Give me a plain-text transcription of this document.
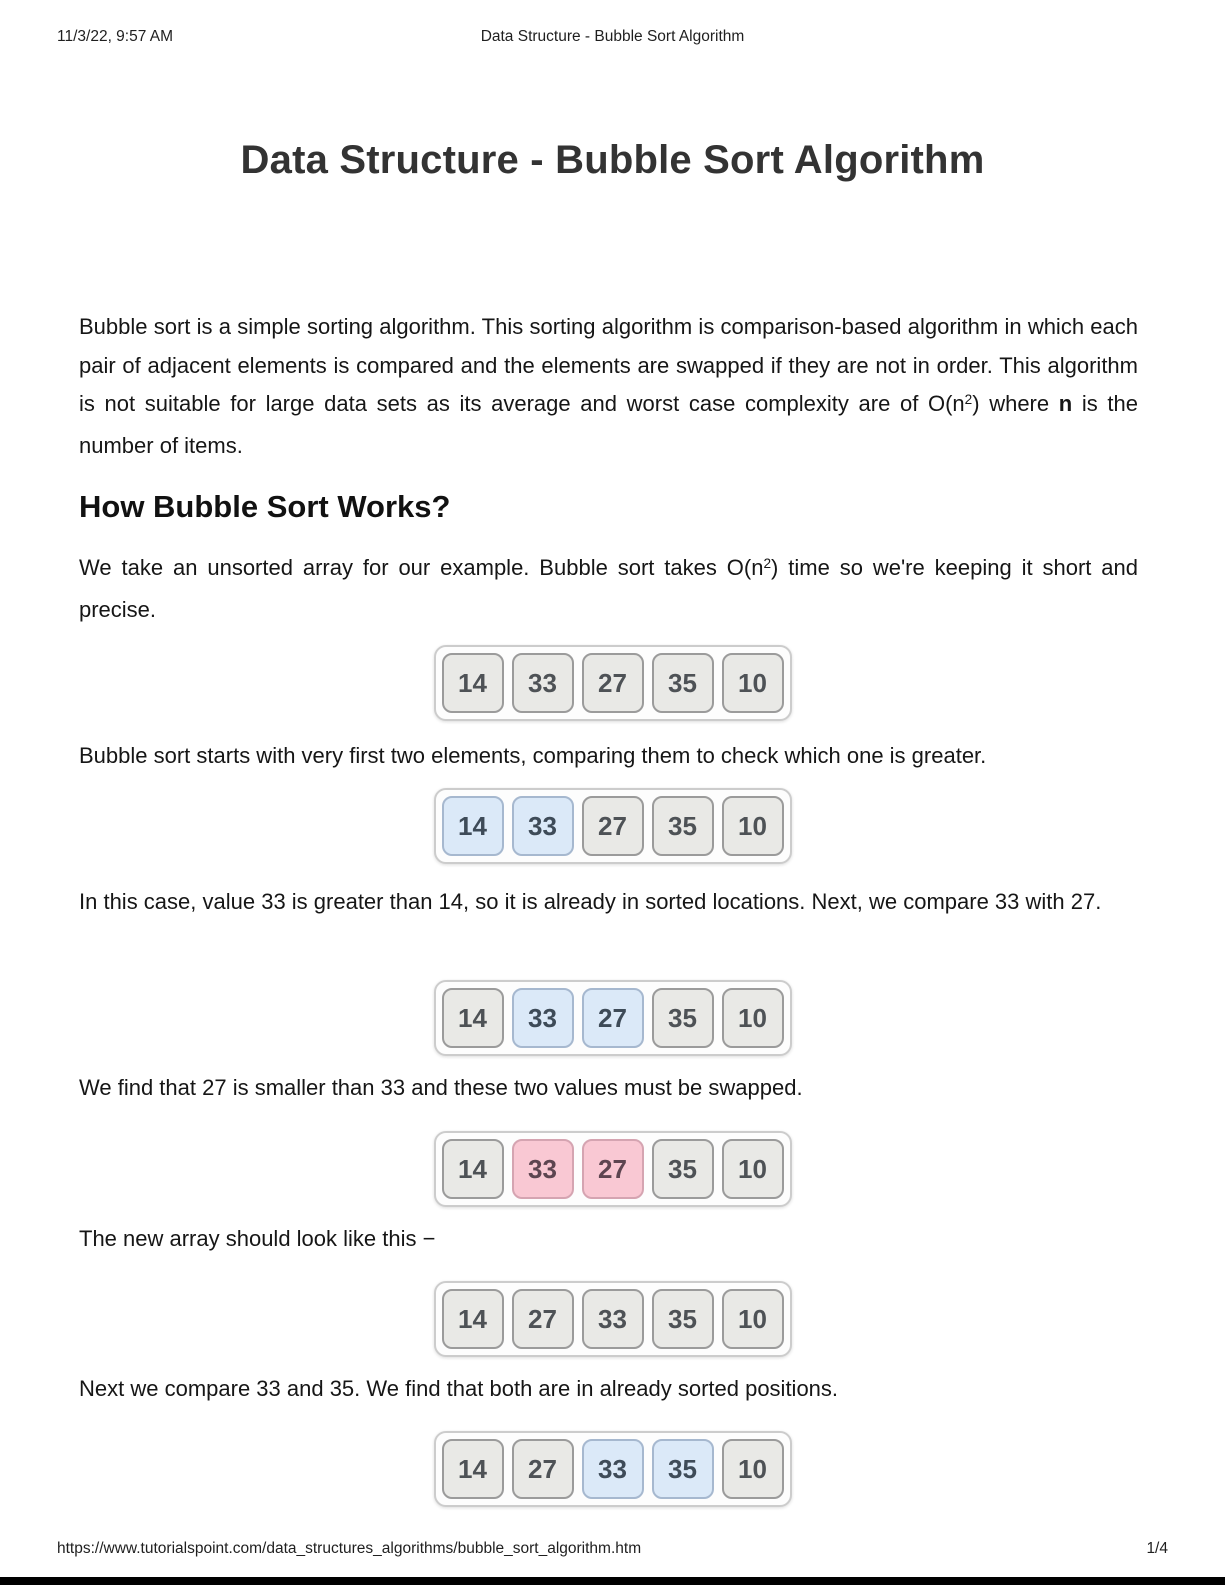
11/3/22, 9:57 AM	Data Structure - Bubble Sort Algorithm
Data Structure - Bubble Sort Algorithm

Bubble sort is a simple sorting algorithm. This sorting algorithm is comparison-based algorithm in which each pair of adjacent elements is compared and the elements are swapped if they are not in order. This algorithm is not suitable for large data sets as its average and worst case complexity are of $O(n^2)$ where n is the number of items.

How Bubble Sort Works?

We take an unsorted array for our example. Bubble sort takes $O(n^2)$ time so we're keeping it short and precise.

14	33	27	35	10

Bubble sort starts with very first two elements, comparing them to check which one is greater.

14	33	27	35	10

In this case, value 33 is greater than 14, so it is already in sorted locations. Next, we compare 33 with 27.

14	33	27	35	10

We find that 27 is smaller than 33 and these two values must be swapped.

14	33	27	35	10

The new array should look like this −

14	27	33	35	10

Next we compare 33 and 35. We find that both are in already sorted positions.

14	27	33	35	10
https://www.tutorialspoint.com/data_structures_algorithms/bubble_sort_algorithm.htm	1/4
